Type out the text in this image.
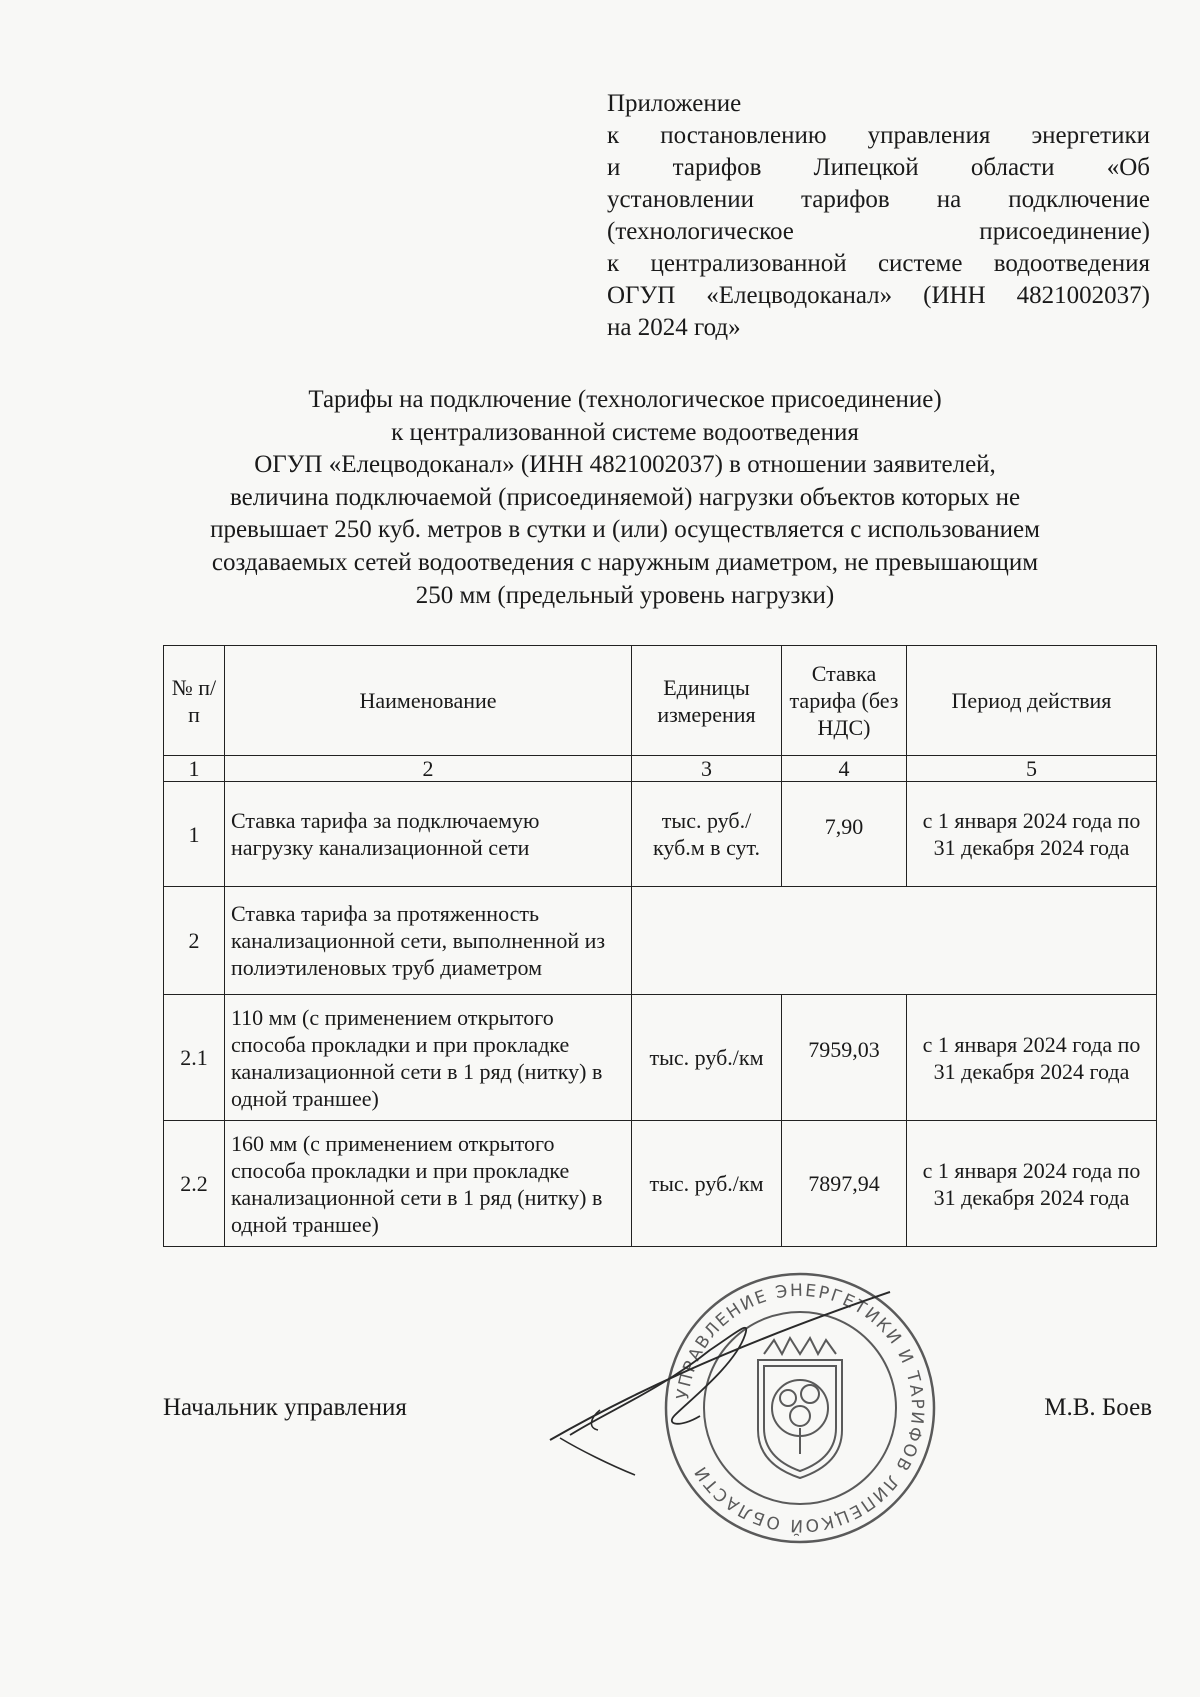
Приложение
к постановлению управления энергетики
и тарифов Липецкой области «Об
установлении тарифов на подключение
(технологическое присоединение)
к централизованной системе водоотведения
ОГУП «Елецводоканал» (ИНН 4821002037)
на 2024 год»
Тарифы на подключение (технологическое присоединение)
к централизованной системе водоотведения
ОГУП «Елецводоканал» (ИНН 4821002037) в отношении заявителей,
величина подключаемой (присоединяемой) нагрузки объектов которых не
превышает 250 куб. метров в сутки и (или) осуществляется с использованием
создаваемых сетей водоотведения с наружным диаметром, не превышающим
250 мм (предельный уровень нагрузки)
№ п/п	Наименование	Единицы измерения	Ставка тарифа (без НДС)	Период действия
1	2	3	4	5
1	Ставка тарифа за подключаемую нагрузку канализационной сети	тыс. руб./ куб.м в сут.	7,90	с 1 января 2024 года по 31 декабря 2024 года
2	Ставка тарифа за протяженность канализационной сети, выполненной из полиэтиленовых труб диаметром			
2.1	110 мм (с применением открытого способа прокладки и при прокладке канализационной сети в 1 ряд (нитку) в одной траншее)	тыс. руб./км	7959,03	с 1 января 2024 года по 31 декабря 2024 года
2.2	160 мм (с применением открытого способа прокладки и при прокладке канализационной сети в 1 ряд (нитку) в одной траншее)	тыс. руб./км	7897,94	с 1 января 2024 года по 31 декабря 2024 года
Начальник управления	М.В. Боев
УПРАВЛЕНИЕ ЭНЕРГЕТИКИ И ТАРИФОВ ЛИПЕЦКОЙ ОБЛАСТИ
